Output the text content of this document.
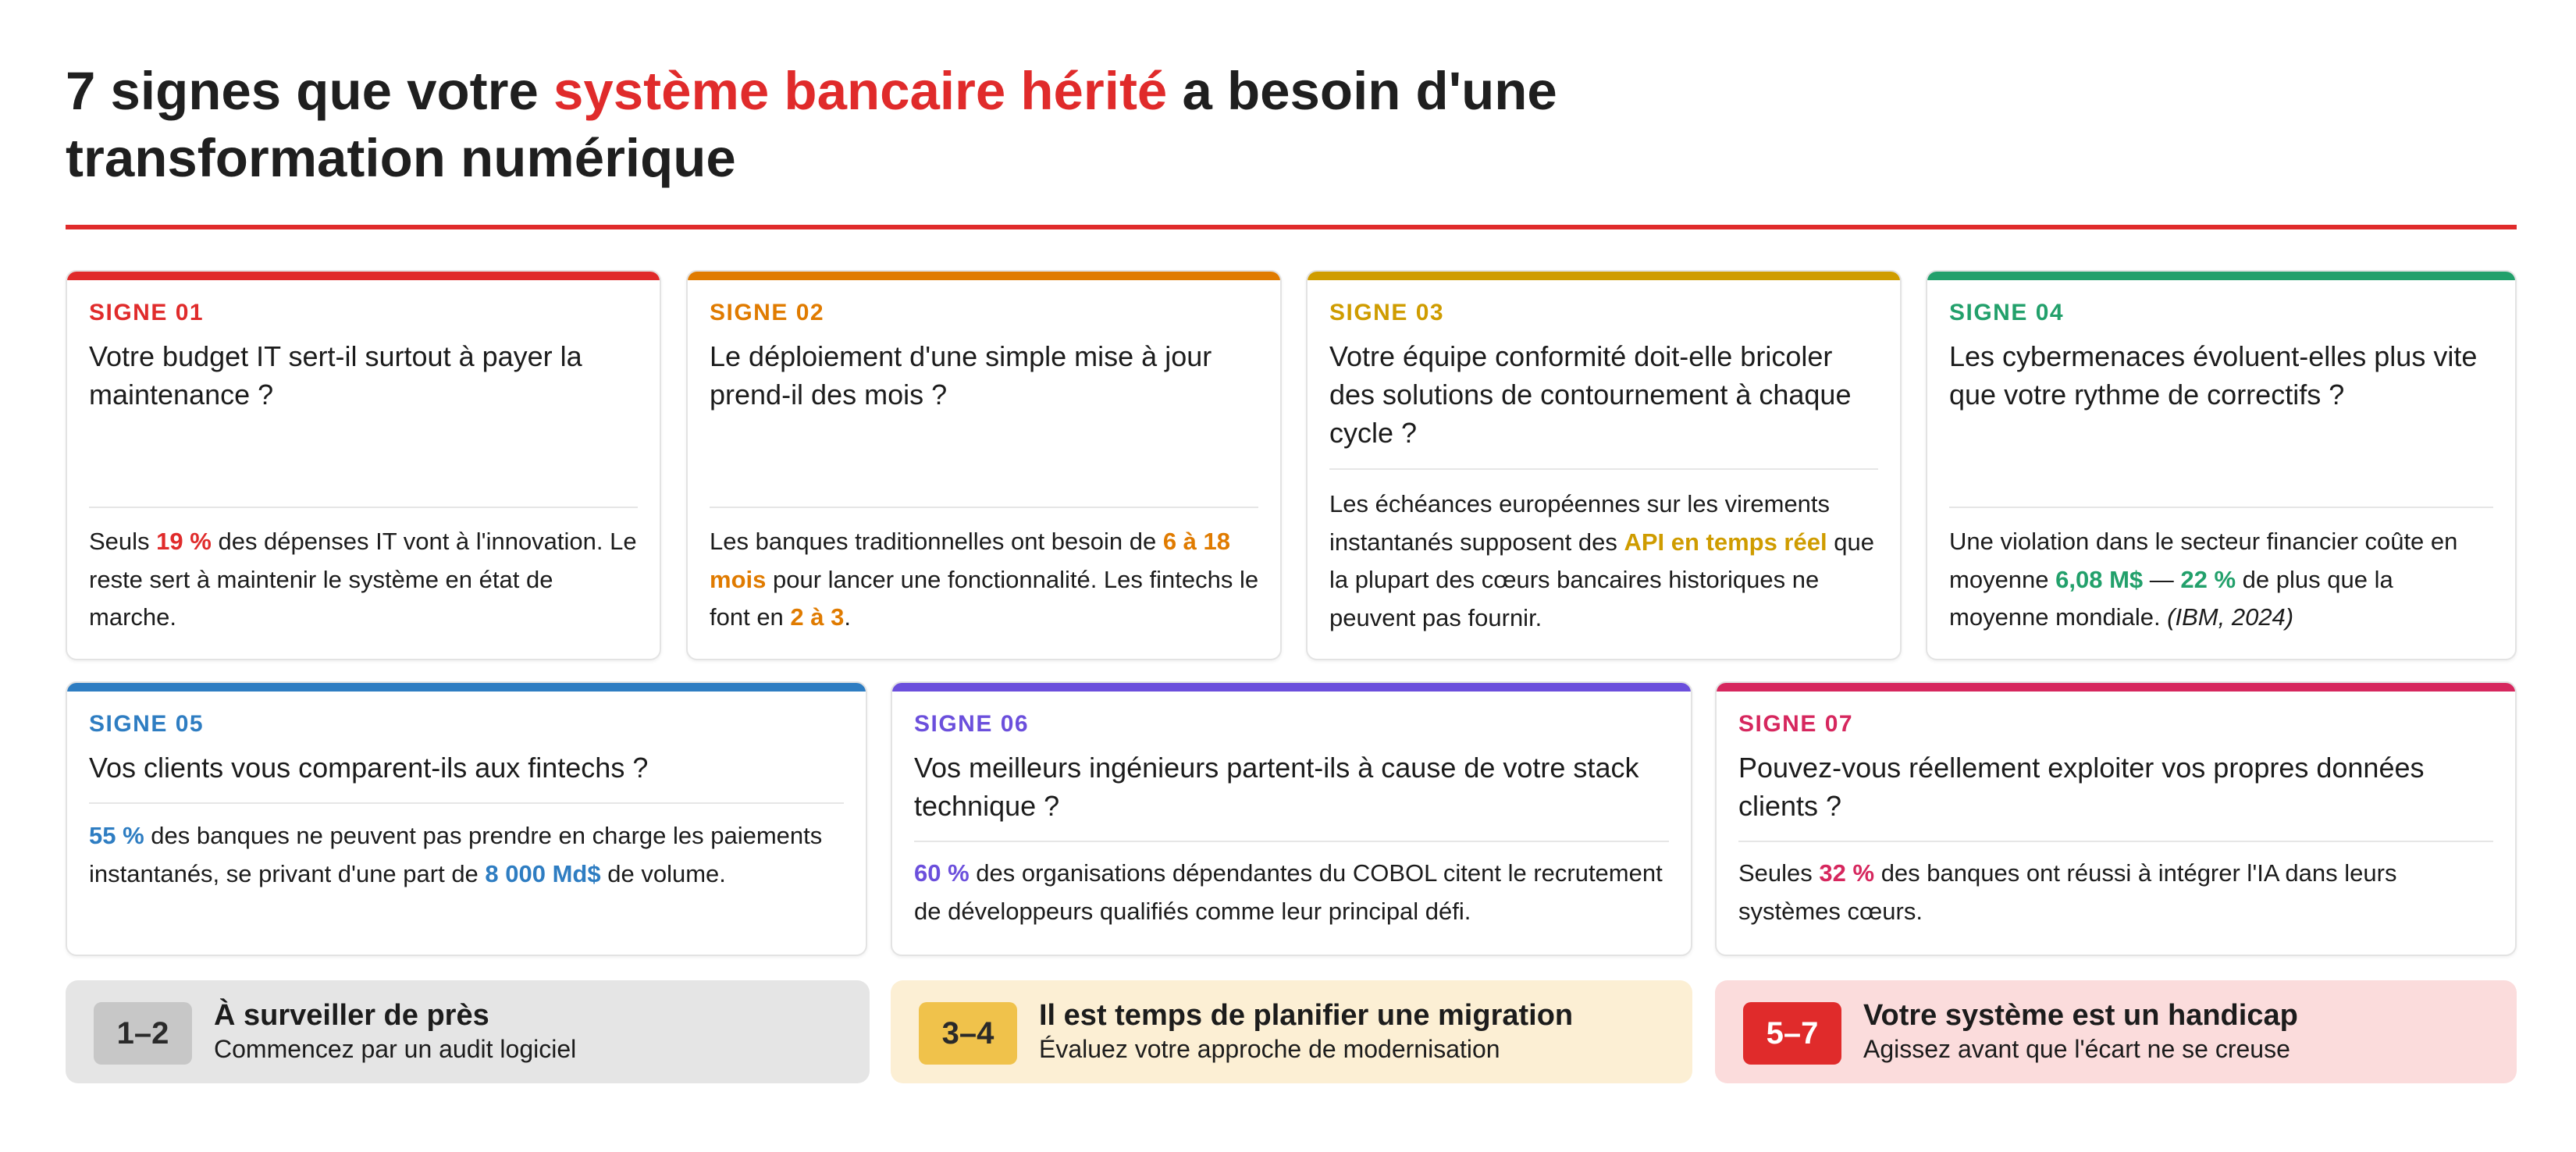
7 signes que votre système bancaire hérité a besoin d'une transformation numérique
SIGNE 01
Votre budget IT sert-il surtout à payer la maintenance ?
Seuls 19 % des dépenses IT vont à l'innovation. Le reste sert à maintenir le système en état de marche.
SIGNE 02
Le déploiement d'une simple mise à jour prend-il des mois ?
Les banques traditionnelles ont besoin de 6 à 18 mois pour lancer une fonctionnalité. Les fintechs le font en 2 à 3.
SIGNE 03
Votre équipe conformité doit-elle bricoler des solutions de contournement à chaque cycle ?
Les échéances européennes sur les virements instantanés supposent des API en temps réel que la plupart des cœurs bancaires historiques ne peuvent pas fournir.
SIGNE 04
Les cybermenaces évoluent-elles plus vite que votre rythme de correctifs ?
Une violation dans le secteur financier coûte en moyenne 6,08 M$ — 22 % de plus que la moyenne mondiale. (IBM, 2024)
SIGNE 05
Vos clients vous comparent-ils aux fintechs ?
55 % des banques ne peuvent pas prendre en charge les paiements instantanés, se privant d'une part de 8 000 Md$ de volume.
SIGNE 06
Vos meilleurs ingénieurs partent-ils à cause de votre stack technique ?
60 % des organisations dépendantes du COBOL citent le recrutement de développeurs qualifiés comme leur principal défi.
SIGNE 07
Pouvez-vous réellement exploiter vos propres données clients ?
Seules 32 % des banques ont réussi à intégrer l'IA dans leurs systèmes cœurs.
1–2
À surveiller de près
Commencez par un audit logiciel	3–4
Il est temps de planifier une migration
Évaluez votre approche de modernisation	5–7
Votre système est un handicap
Agissez avant que l'écart ne se creuse
